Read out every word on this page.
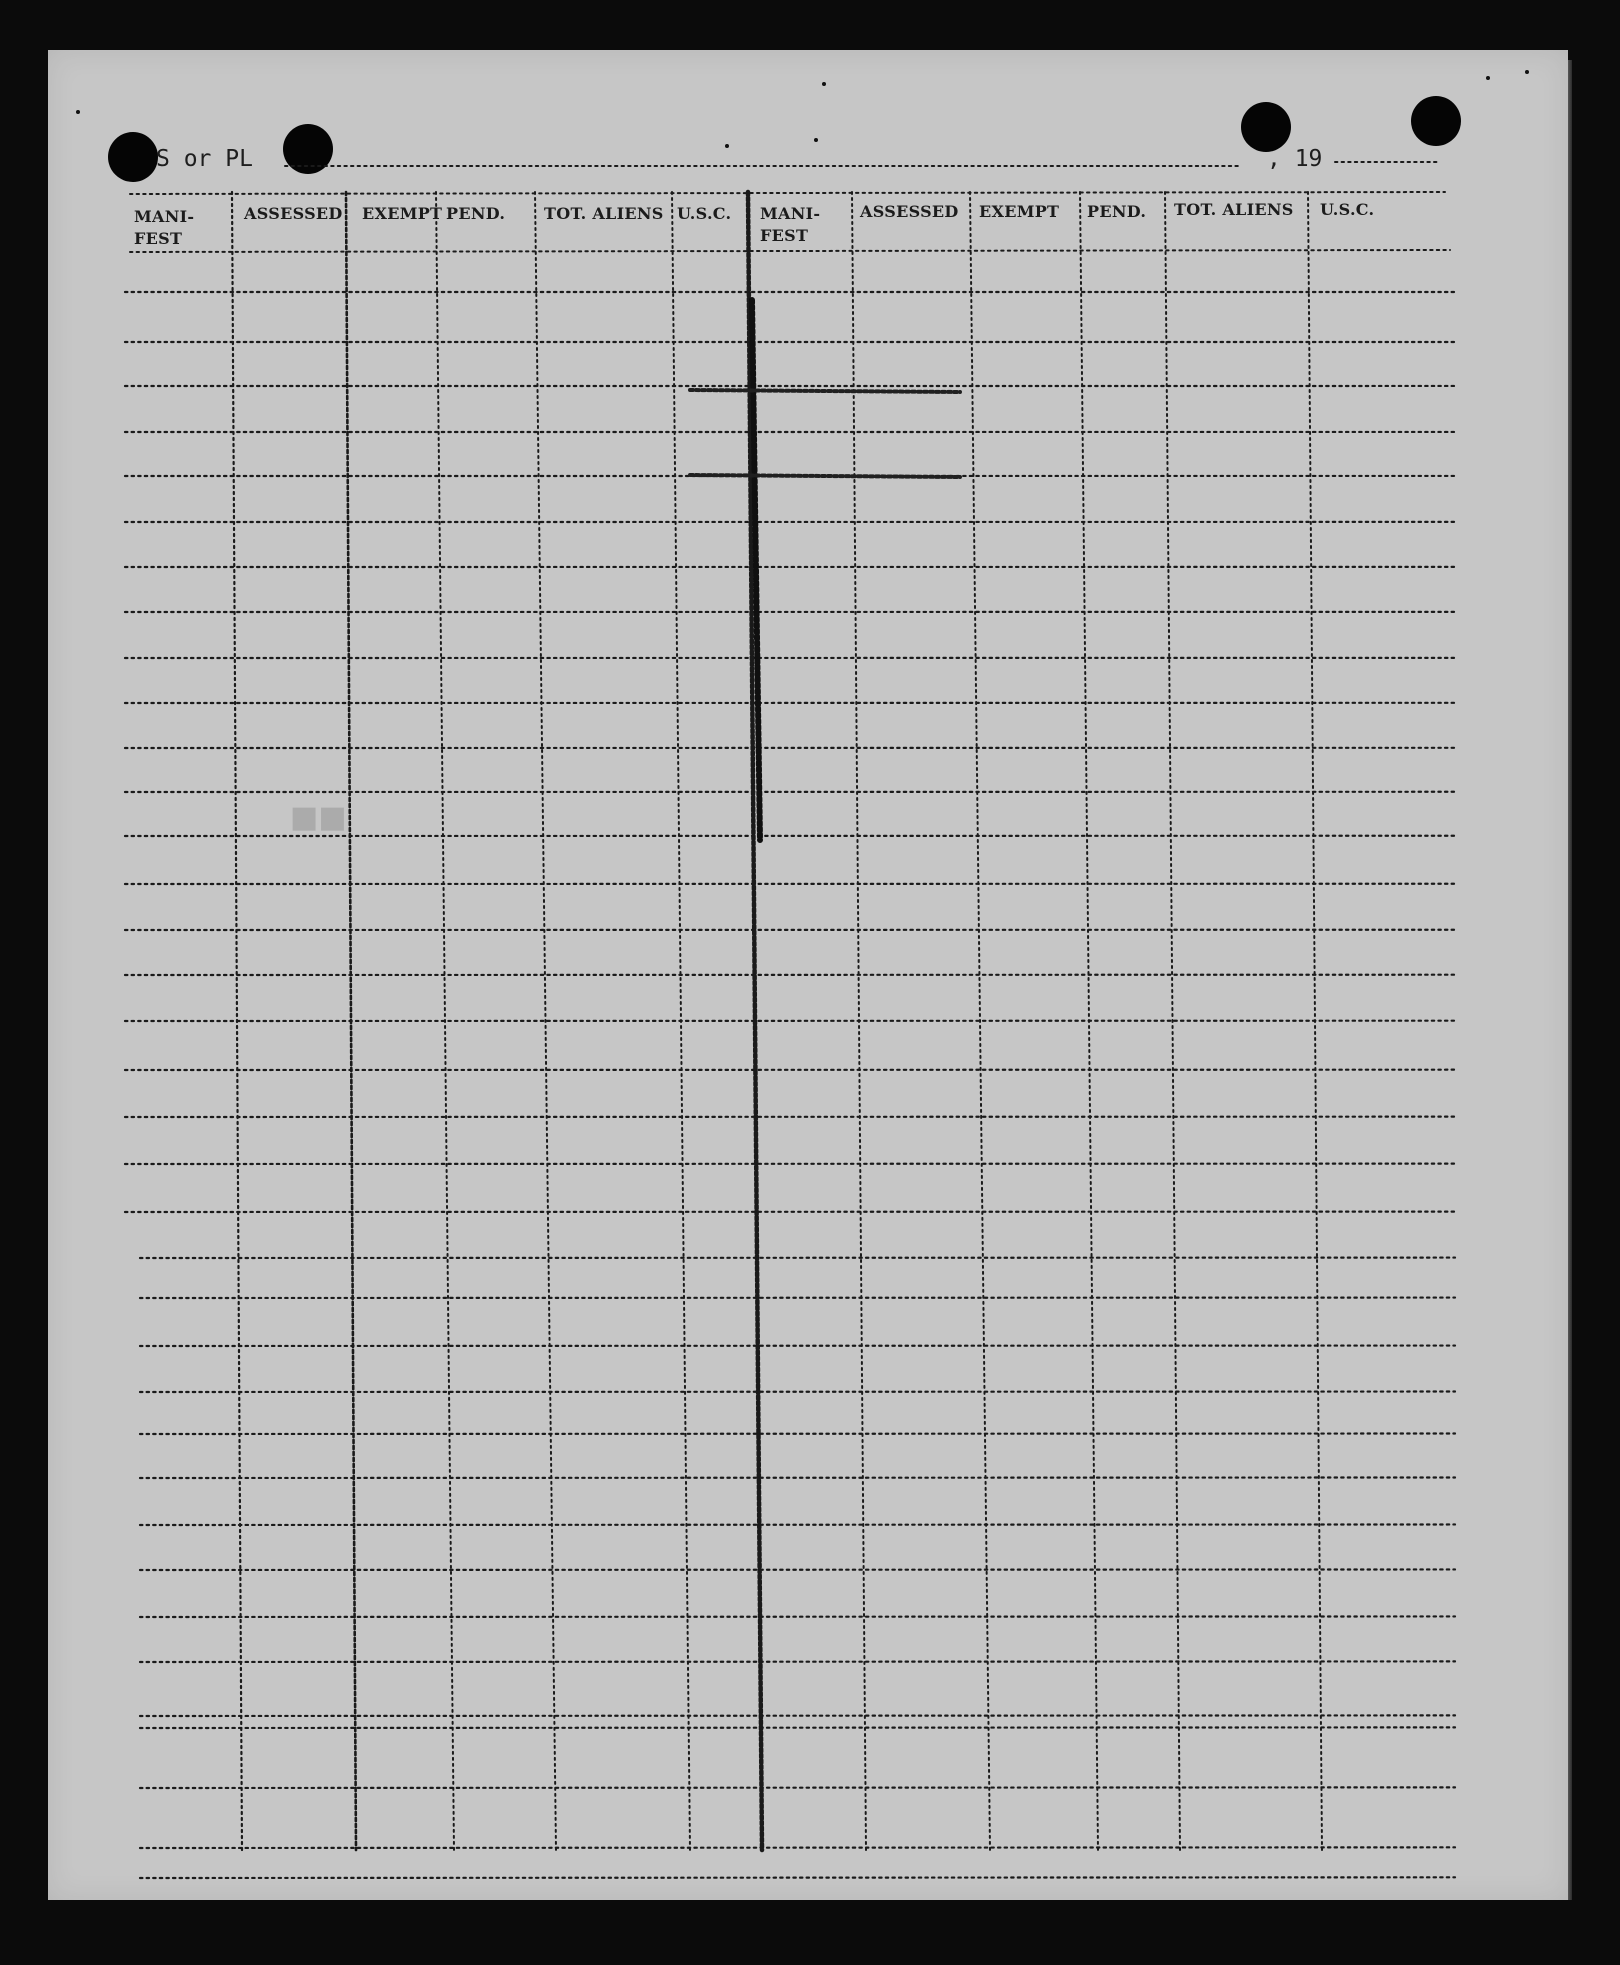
S or PL	, 19
MANI-
FEST
ASSESSED EXEMPT PEND. TOT. ALIENS U.S.C. MANI-
FEST
ASSESSED EXEMPT PEND. TOT. ALIENS U.S.C.
■■
